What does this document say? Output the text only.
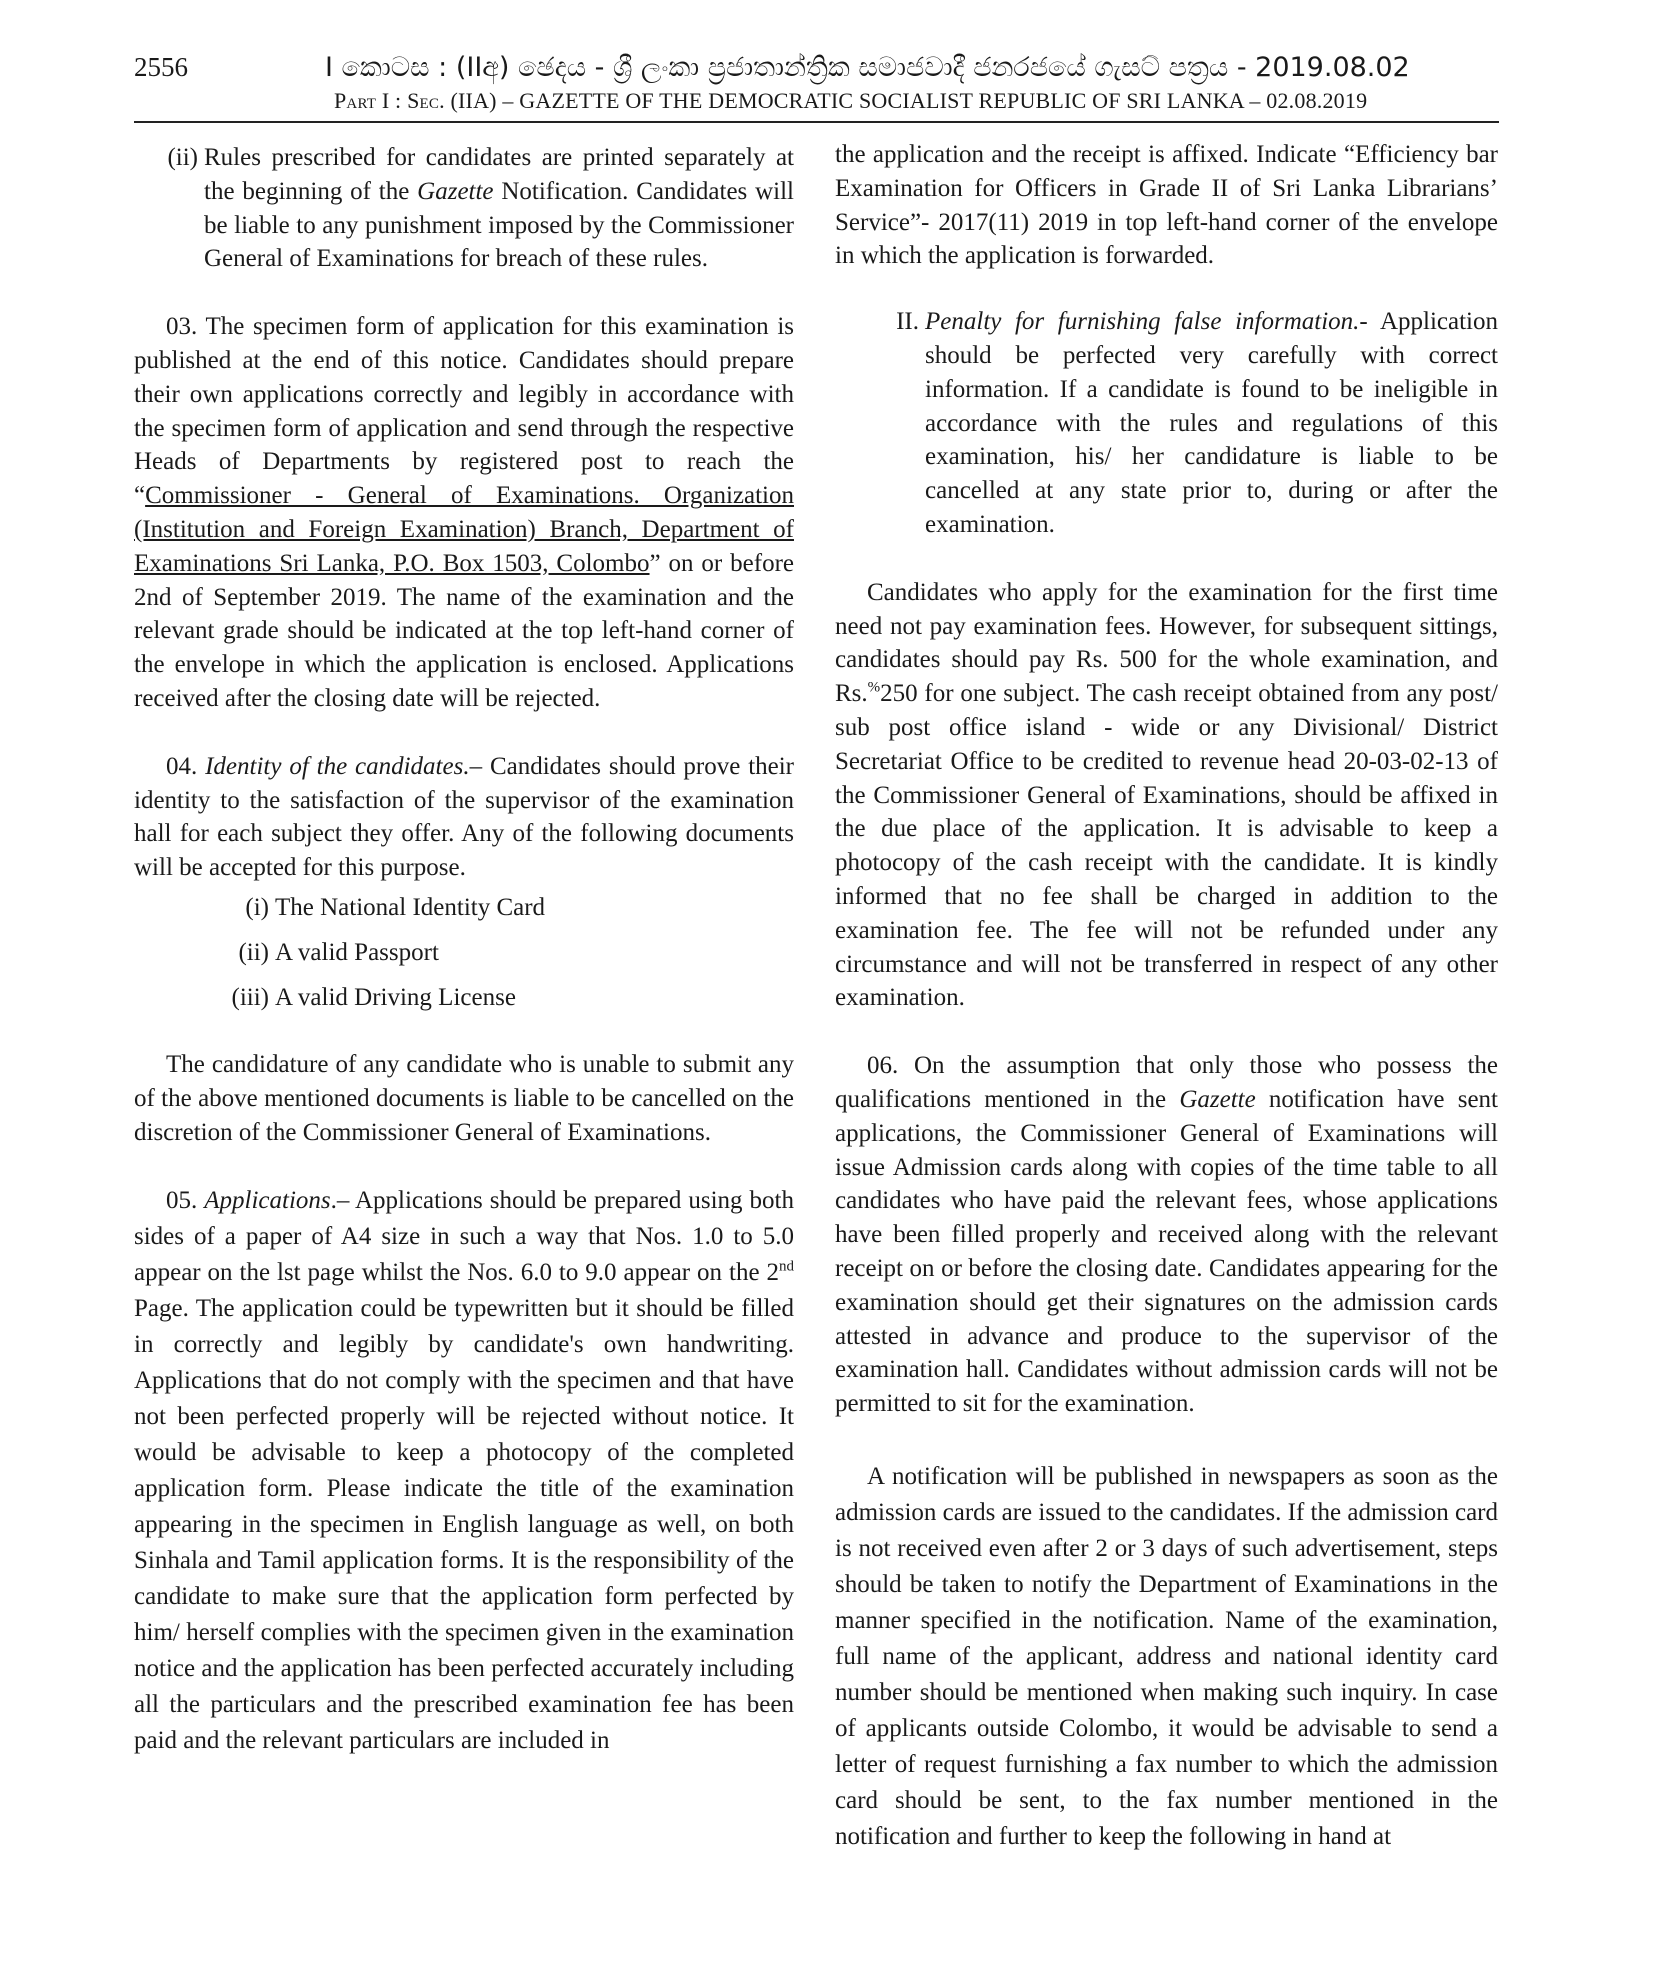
2556	I කොටස : (IIඅ) ඡෙදය - ශ්‍රී ලංකා ප්‍රජාතාන්ත්‍රික සමාජවාදී ජනරජයේ ගැසට් පත්‍රය - 2019.08.02
Part I : Sec. (IIA) – GAZETTE OF THE DEMOCRATIC SOCIALIST REPUBLIC OF SRI LANKA – 02.08.2019
(ii) Rules prescribed for candidates are printed separately at the beginning of the Gazette Notification. Candidates will be liable to any punishment imposed by the Commissioner General of Examinations for breach of these rules.

03. The specimen form of application for this examination is published at the end of this notice. Candidates should prepare their own applications correctly and legibly in accordance with the specimen form of application and send through the respective Heads of Departments by registered post to reach the “Commissioner - General of Examinations. Organization (Institution and Foreign Examination) Branch, Department of Examinations Sri Lanka, P.O. Box 1503, Colombo” on or before 2nd of September 2019. The name of the examination and the relevant grade should be indicated at the top left-hand corner of the envelope in which the application is enclosed. Applications received after the closing date will be rejected.

04. Identity of the candidates.– Candidates should prove their identity to the satisfaction of the supervisor of the examination hall for each subject they offer. Any of the following documents will be accepted for this purpose.

(i) The National Identity Card
(ii) A valid Passport
(iii) A valid Driving License

The candidature of any candidate who is unable to submit any of the above mentioned documents is liable to be cancelled on the discretion of the Commissioner General of Examinations.

05. Applications.– Applications should be prepared using both sides of a paper of A4 size in such a way that Nos. 1.0 to 5.0 appear on the lst page whilst the Nos. 6.0 to 9.0 appear on the 2nd Page. The application could be typewritten but it should be filled in correctly and legibly by candidate's own handwriting. Applications that do not comply with the specimen and that have not been perfected properly will be rejected without notice. It would be advisable to keep a photocopy of the completed application form. Please indicate the title of the examination appearing in the specimen in English language as well, on both Sinhala and Tamil application forms. It is the responsibility of the candidate to make sure that the application form perfected by him/ herself complies with the specimen given in the examination notice and the application has been perfected accurately including all the particulars and the prescribed examination fee has been paid and the relevant particulars are included in

the application and the receipt is affixed. Indicate “Efficiency bar Examination for Officers in Grade II of Sri Lanka Librarians’ Service”- 2017(11) 2019 in top left-hand corner of the envelope in which the application is forwarded.

II. Penalty for furnishing false information.- Application should be perfected very carefully with correct information. If a candidate is found to be ineligible in accordance with the rules and regulations of this examination, his/ her candidature is liable to be cancelled at any state prior to, during or after the examination.

Candidates who apply for the examination for the first time need not pay examination fees. However, for subsequent sittings, candidates should pay Rs. 500 for the whole examination, and Rs.%250 for one subject. The cash receipt obtained from any post/ sub post office island - wide or any Divisional/ District Secretariat Office to be credited to revenue head 20-03-02-13 of the Commissioner General of Examinations, should be affixed in the due place of the application. It is advisable to keep a photocopy of the cash receipt with the candidate. It is kindly informed that no fee shall be charged in addition to the examination fee. The fee will not be refunded under any circumstance and will not be transferred in respect of any other examination.

06. On the assumption that only those who possess the qualifications mentioned in the Gazette notification have sent applications, the Commissioner General of Examinations will issue Admission cards along with copies of the time table to all candidates who have paid the relevant fees, whose applications have been filled properly and received along with the relevant receipt on or before the closing date. Candidates appearing for the examination should get their signatures on the admission cards attested in advance and produce to the supervisor of the examination hall. Candidates without admission cards will not be permitted to sit for the examination.

A notification will be published in newspapers as soon as the admission cards are issued to the candidates. If the admission card is not received even after 2 or 3 days of such advertisement, steps should be taken to notify the Department of Examinations in the manner specified in the notification. Name of the examination, full name of the applicant, address and national identity card number should be mentioned when making such inquiry. In case of applicants outside Colombo, it would be advisable to send a letter of request furnishing a fax number to which the admission card should be sent, to the fax number mentioned in the notification and further to keep the following in hand at
